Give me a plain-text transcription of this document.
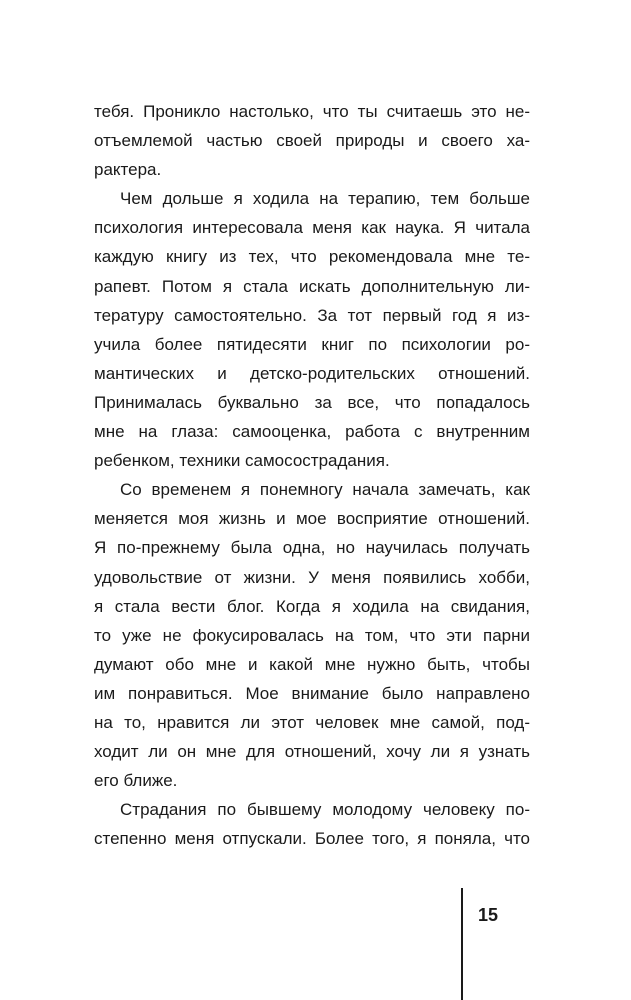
тебя. Проникло настолько, что ты считаешь это не-
отъемлемой частью своей природы и своего ха-
рактера.
Чем дольше я ходила на терапию, тем больше
психология интересовала меня как наука. Я читала
каждую книгу из тех, что рекомендовала мне те-
рапевт. Потом я стала искать дополнительную ли-
тературу самостоятельно. За тот первый год я из-
учила более пятидесяти книг по психологии ро-
мантических и детско-родительских отношений.
Принималась буквально за все, что попадалось
мне на глаза: самооценка, работа с внутренним
ребенком, техники самосострадания.
Со временем я понемногу начала замечать, как
меняется моя жизнь и мое восприятие отношений.
Я по-прежнему была одна, но научилась получать
удовольствие от жизни. У меня появились хобби,
я стала вести блог. Когда я ходила на свидания,
то уже не фокусировалась на том, что эти парни
думают обо мне и какой мне нужно быть, чтобы
им понравиться. Мое внимание было направлено
на то, нравится ли этот человек мне самой, под-
ходит ли он мне для отношений, хочу ли я узнать
его ближе.
Страдания по бывшему молодому человеку по-
степенно меня отпускали. Более того, я поняла, что
15
